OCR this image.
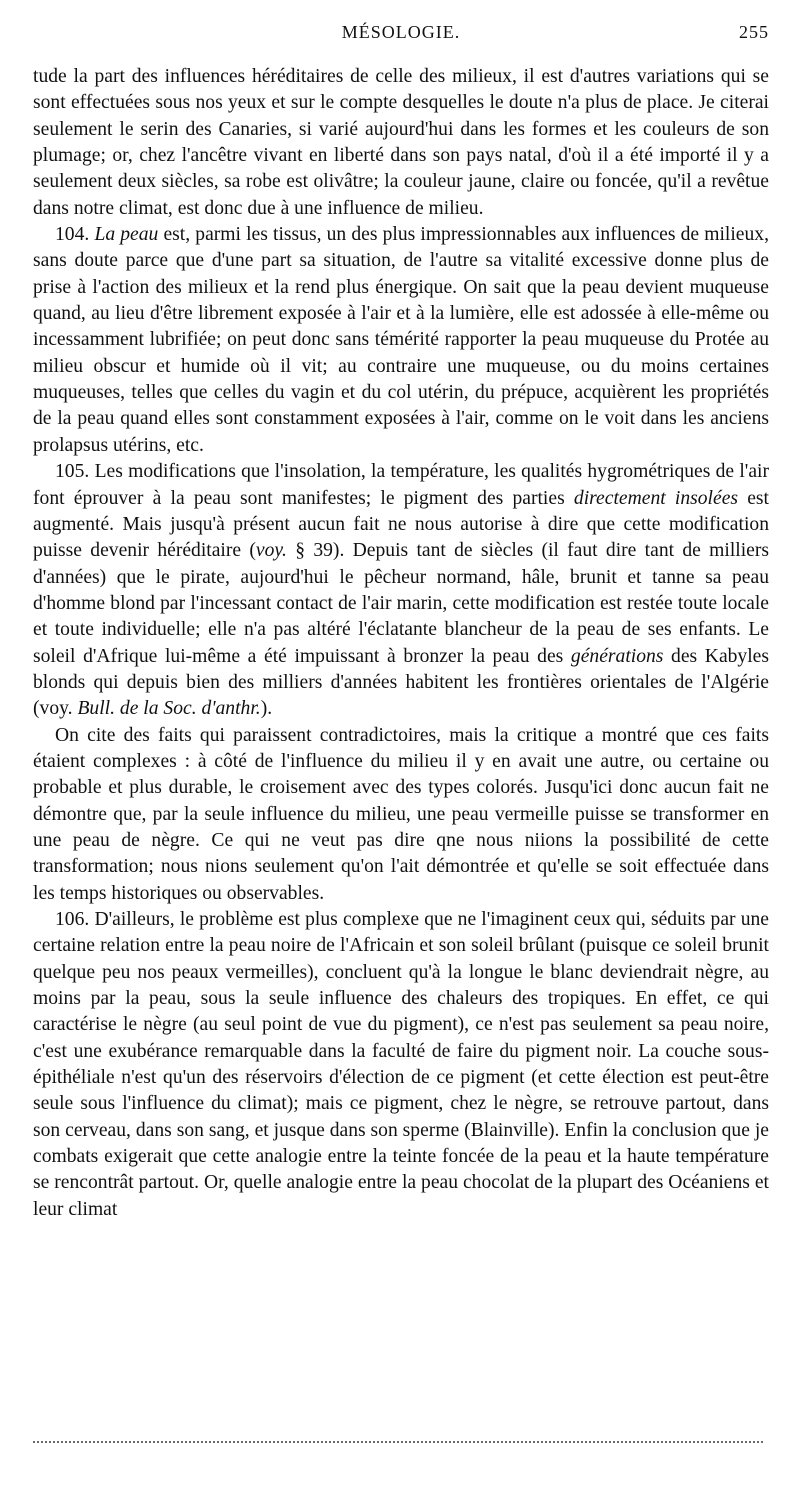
MÉSOLOGIE.	255

tude la part des influences héréditaires de celle des milieux, il est d'autres variations qui se sont effectuées sous nos yeux et sur le compte desquelles le doute n'a plus de place. Je citerai seulement le serin des Canaries, si varié aujourd'hui dans les formes et les couleurs de son plumage; or, chez l'ancêtre vivant en liberté dans son pays natal, d'où il a été importé il y a seulement deux siècles, sa robe est olivâtre; la couleur jaune, claire ou foncée, qu'il a revêtue dans notre climat, est donc due à une influence de milieu.

104. La peau est, parmi les tissus, un des plus impressionnables aux influences de milieux, sans doute parce que d'une part sa situation, de l'autre sa vitalité excessive donne plus de prise à l'action des milieux et la rend plus énergique. On sait que la peau devient muqueuse quand, au lieu d'être librement exposée à l'air et à la lumière, elle est adossée à elle-même ou incessamment lubrifiée; on peut donc sans témérité rapporter la peau muqueuse du Protée au milieu obscur et humide où il vit; au contraire une muqueuse, ou du moins certaines muqueuses, telles que celles du vagin et du col utérin, du prépuce, acquièrent les propriétés de la peau quand elles sont constamment exposées à l'air, comme on le voit dans les anciens prolapsus utérins, etc.

105. Les modifications que l'insolation, la température, les qualités hygrométriques de l'air font éprouver à la peau sont manifestes; le pigment des parties directement insolées est augmenté. Mais jusqu'à présent aucun fait ne nous autorise à dire que cette modification puisse devenir héréditaire (voy. § 39). Depuis tant de siècles (il faut dire tant de milliers d'années) que le pirate, aujourd'hui le pêcheur normand, hâle, brunit et tanne sa peau d'homme blond par l'incessant contact de l'air marin, cette modification est restée toute locale et toute individuelle; elle n'a pas altéré l'éclatante blancheur de la peau de ses enfants. Le soleil d'Afrique lui-même a été impuissant à bronzer la peau des générations des Kabyles blonds qui depuis bien des milliers d'années habitent les frontières orientales de l'Algérie (voy. Bull. de la Soc. d'anthr.).

On cite des faits qui paraissent contradictoires, mais la critique a montré que ces faits étaient complexes : à côté de l'influence du milieu il y en avait une autre, ou certaine ou probable et plus durable, le croisement avec des types colorés. Jusqu'ici donc aucun fait ne démontre que, par la seule influence du milieu, une peau vermeille puisse se transformer en une peau de nègre. Ce qui ne veut pas dire qne nous niions la possibilité de cette transformation; nous nions seulement qu'on l'ait démontrée et qu'elle se soit effectuée dans les temps historiques ou observables.

106. D'ailleurs, le problème est plus complexe que ne l'imaginent ceux qui, séduits par une certaine relation entre la peau noire de l'Africain et son soleil brûlant (puisque ce soleil brunit quelque peu nos peaux vermeilles), concluent qu'à la longue le blanc deviendrait nègre, au moins par la peau, sous la seule influence des chaleurs des tropiques. En effet, ce qui caractérise le nègre (au seul point de vue du pigment), ce n'est pas seulement sa peau noire, c'est une exubérance remarquable dans la faculté de faire du pigment noir. La couche sous-épithéliale n'est qu'un des réservoirs d'élection de ce pigment (et cette élection est peut-être seule sous l'influence du climat); mais ce pigment, chez le nègre, se retrouve partout, dans son cerveau, dans son sang, et jusque dans son sperme (Blainville). Enfin la conclusion que je combats exigerait que cette analogie entre la teinte foncée de la peau et la haute température se rencontrât partout. Or, quelle analogie entre la peau chocolat de la plupart des Océaniens et leur climat
